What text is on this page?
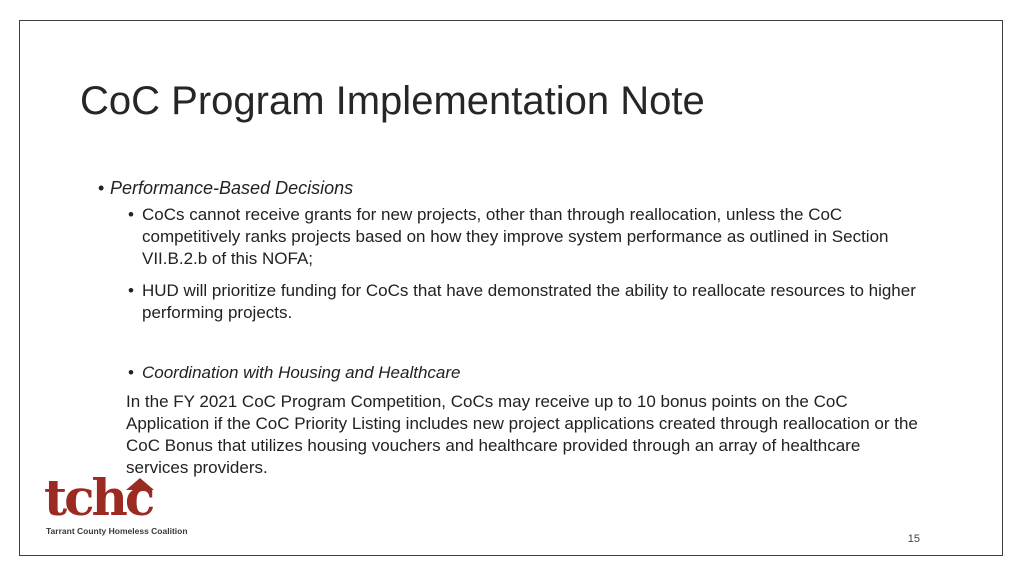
CoC Program Implementation Note
• Performance-Based Decisions
• CoCs cannot receive grants for new projects, other than through reallocation, unless the CoC competitively ranks projects based on how they improve system performance as outlined in Section VII.B.2.b of this NOFA;
• HUD will prioritize funding for CoCs that have demonstrated the ability to reallocate resources to higher performing projects.
• Coordination with Housing and Healthcare

In the FY 2021 CoC Program Competition, CoCs may receive up to 10 bonus points on the CoC Application if the CoC Priority Listing includes new project applications created through reallocation or the CoC Bonus that utilizes housing vouchers and healthcare provided through an array of healthcare services providers.

tchc
Tarrant County Homeless Coalition
15
